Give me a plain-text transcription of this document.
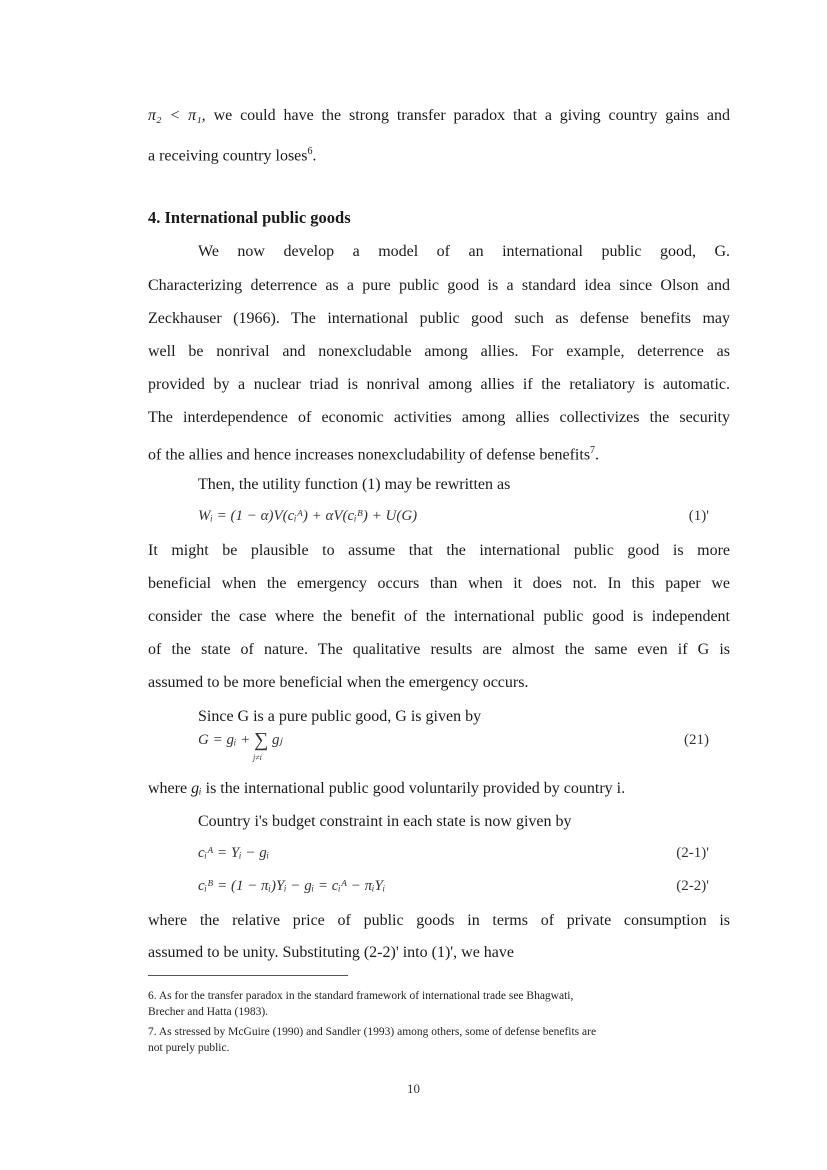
π₂ < π₁, we could have the strong transfer paradox that a giving country gains and
a receiving country loses$^6$.
4. International public goods
We now develop a model of an international public good, G.
Characterizing deterrence as a pure public good is a standard idea since Olson and
Zeckhauser (1966). The international public good such as defense benefits may
well be nonrival and nonexcludable among allies. For example, deterrence as
provided by a nuclear triad is nonrival among allies if the retaliatory is automatic.
The interdependence of economic activities among allies collectivizes the security
of the allies and hence increases nonexcludability of defense benefits$^7$.
Then, the utility function (1) may be rewritten as
Wᵢ = (1 − α)V(cᵢᴬ) + αV(cᵢᴮ) + U(G)	(1)'
It might be plausible to assume that the international public good is more
beneficial when the emergency occurs than when it does not. In this paper we
consider the case where the benefit of the international public good is independent
of the state of nature. The qualitative results are almost the same even if G is
assumed to be more beneficial when the emergency occurs.
Since G is a pure public good, G is given by
G = gᵢ + ∑ gⱼ
j≠i
(21)
where gᵢ is the international public good voluntarily provided by country i.
Country i's budget constraint in each state is now given by
cᵢᴬ = Yᵢ − gᵢ	(2-1)'
cᵢᴮ = (1 − πᵢ)Yᵢ − gᵢ = cᵢᴬ − πᵢYᵢ	(2-2)'
where the relative price of public goods in terms of private consumption is
assumed to be unity. Substituting (2-2)' into (1)', we have
6. As for the transfer paradox in the standard framework of international trade see Bhagwati,
Brecher and Hatta (1983).
7. As stressed by McGuire (1990) and Sandler (1993) among others, some of defense benefits are
not purely public.
10
